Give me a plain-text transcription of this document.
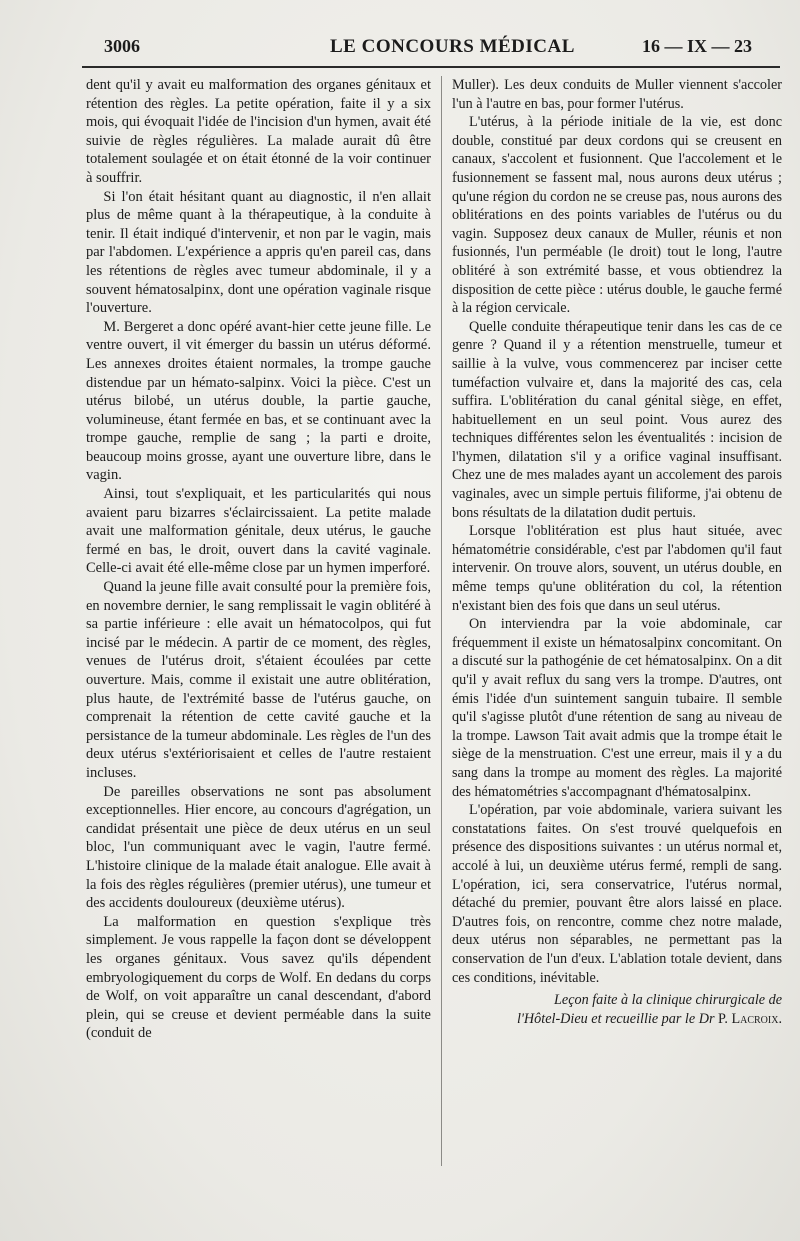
3006	LE CONCOURS MÉDICAL	16 — IX — 23

dent qu'il y avait eu malformation des organes génitaux et rétention des règles. La petite opération, faite il y a six mois, qui évoquait l'idée de l'incision d'un hymen, avait été suivie de règles régulières. La malade aurait dû être totalement soulagée et on était étonné de la voir continuer à souffrir.

Si l'on était hésitant quant au diagnostic, il n'en allait plus de même quant à la thérapeutique, à la conduite à tenir. Il était indiqué d'intervenir, et non par le vagin, mais par l'abdomen. L'expérience a appris qu'en pareil cas, dans les rétentions de règles avec tumeur abdominale, il y a souvent hématosalpinx, dont une opération vaginale risque l'ouverture.

M. Bergeret a donc opéré avant-hier cette jeune fille. Le ventre ouvert, il vit émerger du bassin un utérus déformé. Les annexes droites étaient normales, la trompe gauche distendue par un hémato-salpinx. Voici la pièce. C'est un utérus bilobé, un utérus double, la partie gauche, volumineuse, étant fermée en bas, et se continuant avec la trompe gauche, remplie de sang ; la parti e droite, beaucoup moins grosse, ayant une ouverture libre, dans le vagin.

Ainsi, tout s'expliquait, et les particularités qui nous avaient paru bizarres s'éclaircissaient. La petite malade avait une malformation génitale, deux utérus, le gauche fermé en bas, le droit, ouvert dans la cavité vaginale. Celle-ci avait été elle-même close par un hymen imperforé.

Quand la jeune fille avait consulté pour la première fois, en novembre dernier, le sang remplissait le vagin oblitéré à sa partie inférieure : elle avait un hématocolpos, qui fut incisé par le médecin. A partir de ce moment, des règles, venues de l'utérus droit, s'étaient écoulées par cette ouverture. Mais, comme il existait une autre oblitération, plus haute, de l'extrémité basse de l'utérus gauche, on comprenait la rétention de cette cavité gauche et la persistance de la tumeur abdominale. Les règles de l'un des deux utérus s'extériorisaient et celles de l'autre restaient incluses.

De pareilles observations ne sont pas absolument exceptionnelles. Hier encore, au concours d'agrégation, un candidat présentait une pièce de deux utérus en un seul bloc, l'un communiquant avec le vagin, l'autre fermé. L'histoire clinique de la malade était analogue. Elle avait à la fois des règles régulières (premier utérus), une tumeur et des accidents douloureux (deuxième utérus).

La malformation en question s'explique très simplement. Je vous rappelle la façon dont se développent les organes génitaux. Vous savez qu'ils dépendent embryologiquement du corps de Wolf. En dedans du corps de Wolf, on voit apparaître un canal descendant, d'abord plein, qui se creuse et devient perméable dans la suite (conduit de

Muller). Les deux conduits de Muller viennent s'accoler l'un à l'autre en bas, pour former l'utérus.

L'utérus, à la période initiale de la vie, est donc double, constitué par deux cordons qui se creusent en canaux, s'accolent et fusionnent. Que l'accolement et le fusionnement se fassent mal, nous aurons deux utérus ; qu'une région du cordon ne se creuse pas, nous aurons des oblitérations en des points variables de l'utérus ou du vagin. Supposez deux canaux de Muller, réunis et non fusionnés, l'un perméable (le droit) tout le long, l'autre oblitéré à son extrémité basse, et vous obtiendrez la disposition de cette pièce : utérus double, le gauche fermé à la région cervicale.

Quelle conduite thérapeutique tenir dans les cas de ce genre ? Quand il y a rétention menstruelle, tumeur et saillie à la vulve, vous commencerez par inciser cette tuméfaction vulvaire et, dans la majorité des cas, cela suffira. L'oblitération du canal génital siège, en effet, habituellement en un seul point. Vous aurez des techniques différentes selon les éventualités : incision de l'hymen, dilatation s'il y a orifice vaginal insuffisant. Chez une de mes malades ayant un accolement des parois vaginales, avec un simple pertuis filiforme, j'ai obtenu de bons résultats de la dilatation dudit pertuis.

Lorsque l'oblitération est plus haut située, avec hématométrie considérable, c'est par l'abdomen qu'il faut intervenir. On trouve alors, souvent, un utérus double, en même temps qu'une oblitération du col, la rétention n'existant bien des fois que dans un seul utérus.

On interviendra par la voie abdominale, car fréquemment il existe un hématosalpinx concomitant. On a discuté sur la pathogénie de cet hématosalpinx. On a dit qu'il y avait reflux du sang vers la trompe. D'autres, ont émis l'idée d'un suintement sanguin tubaire. Il semble qu'il s'agisse plutôt d'une rétention de sang au niveau de la trompe. Lawson Tait avait admis que la trompe était le siège de la menstruation. C'est une erreur, mais il y a du sang dans la trompe au moment des règles. La majorité des hématométries s'accompagnant d'hématosalpinx.

L'opération, par voie abdominale, variera suivant les constatations faites. On s'est trouvé quelquefois en présence des dispositions suivantes : un utérus normal et, accolé à lui, un deuxième utérus fermé, rempli de sang. L'opération, ici, sera conservatrice, l'utérus normal, détaché du premier, pouvant être alors laissé en place. D'autres fois, on rencontre, comme chez notre malade, deux utérus non séparables, ne permettant pas la conservation de l'un d'eux. L'ablation totale devient, dans ces conditions, inévitable.

Leçon faite à la clinique chirurgicale de
l'Hôtel-Dieu et recueillie par le Dr P. Lacroix.
